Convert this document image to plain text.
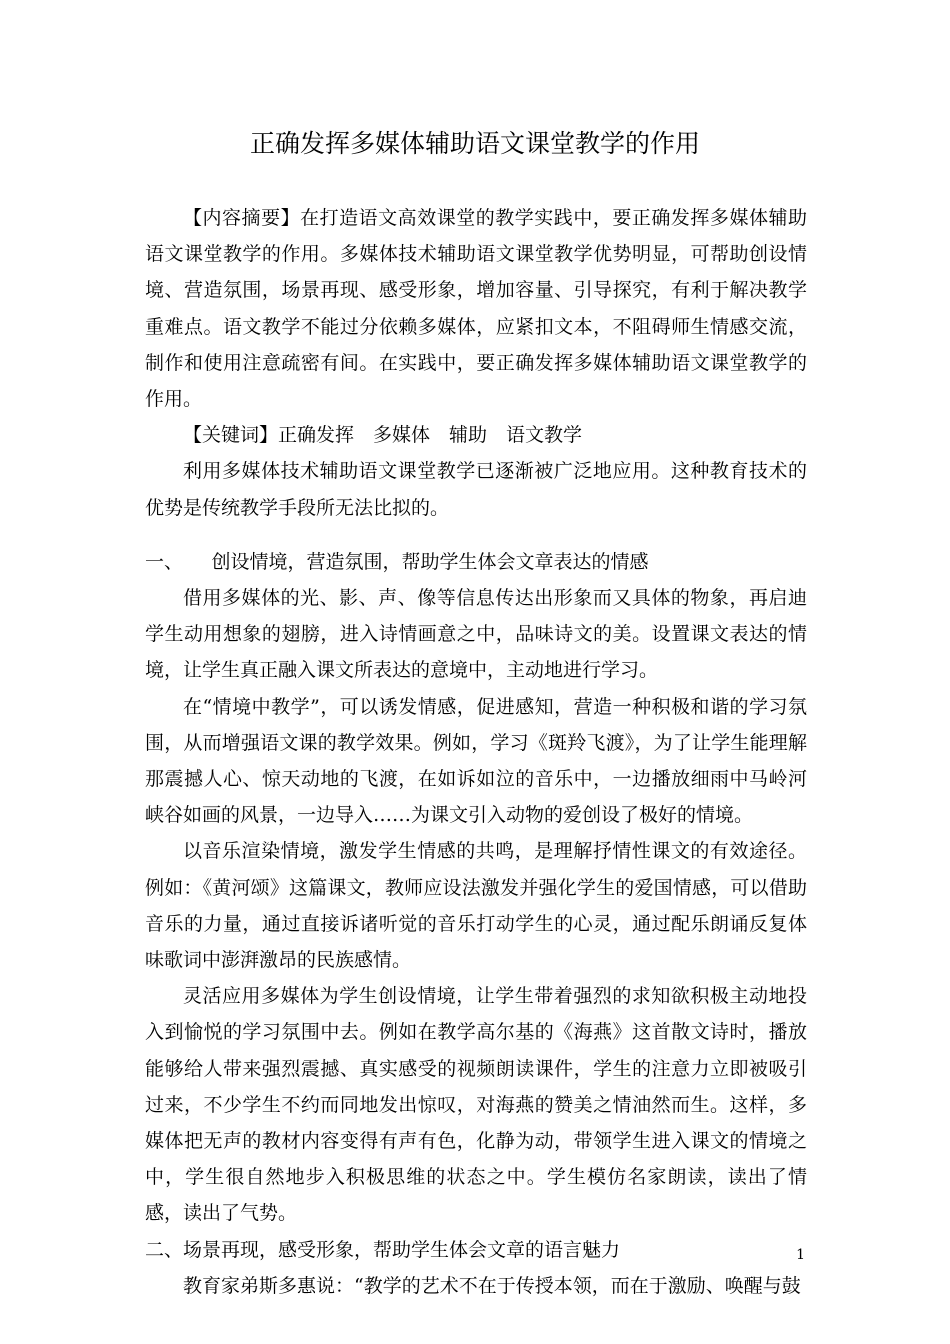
正确发挥多媒体辅助语文课堂教学的作用

【内容摘要】在打造语文高效课堂的教学实践中，要正确发挥多媒体辅助语文课堂教学的作用。多媒体技术辅助语文课堂教学优势明显，可帮助创设情境、营造氛围，场景再现、感受形象，增加容量、引导探究，有利于解决教学重难点。语文教学不能过分依赖多媒体，应紧扣文本，不阻碍师生情感交流，制作和使用注意疏密有间。在实践中，要正确发挥多媒体辅助语文课堂教学的作用。

【关键词】正确发挥　多媒体　辅助　语文教学

利用多媒体技术辅助语文课堂教学已逐渐被广泛地应用。这种教育技术的优势是传统教学手段所无法比拟的。

一、　　创设情境，营造氛围，帮助学生体会文章表达的情感

借用多媒体的光、影、声、像等信息传达出形象而又具体的物象，再启迪学生动用想象的翅膀，进入诗情画意之中，品味诗文的美。设置课文表达的情境，让学生真正融入课文所表达的意境中，主动地进行学习。

在“情境中教学”，可以诱发情感，促进感知，营造一种积极和谐的学习氛围，从而增强语文课的教学效果。例如，学习《斑羚飞渡》，为了让学生能理解那震撼人心、惊天动地的飞渡，在如诉如泣的音乐中，一边播放细雨中马岭河峡谷如画的风景，一边导入……为课文引入动物的爱创设了极好的情境。

以音乐渲染情境，激发学生情感的共鸣，是理解抒情性课文的有效途径。例如：《黄河颂》这篇课文，教师应设法激发并强化学生的爱国情感，可以借助音乐的力量，通过直接诉诸听觉的音乐打动学生的心灵，通过配乐朗诵反复体味歌词中澎湃激昂的民族感情。

灵活应用多媒体为学生创设情境，让学生带着强烈的求知欲积极主动地投入到愉悦的学习氛围中去。例如在教学高尔基的《海燕》这首散文诗时，播放能够给人带来强烈震撼、真实感受的视频朗读课件，学生的注意力立即被吸引过来，不少学生不约而同地发出惊叹，对海燕的赞美之情油然而生。这样，多媒体把无声的教材内容变得有声有色，化静为动，带领学生进入课文的情境之中，学生很自然地步入积极思维的状态之中。学生模仿名家朗读，读出了情感，读出了气势。

二、场景再现，感受形象，帮助学生体会文章的语言魅力

教育家弟斯多惠说：“教学的艺术不在于传授本领，而在于激励、唤醒与鼓

1
